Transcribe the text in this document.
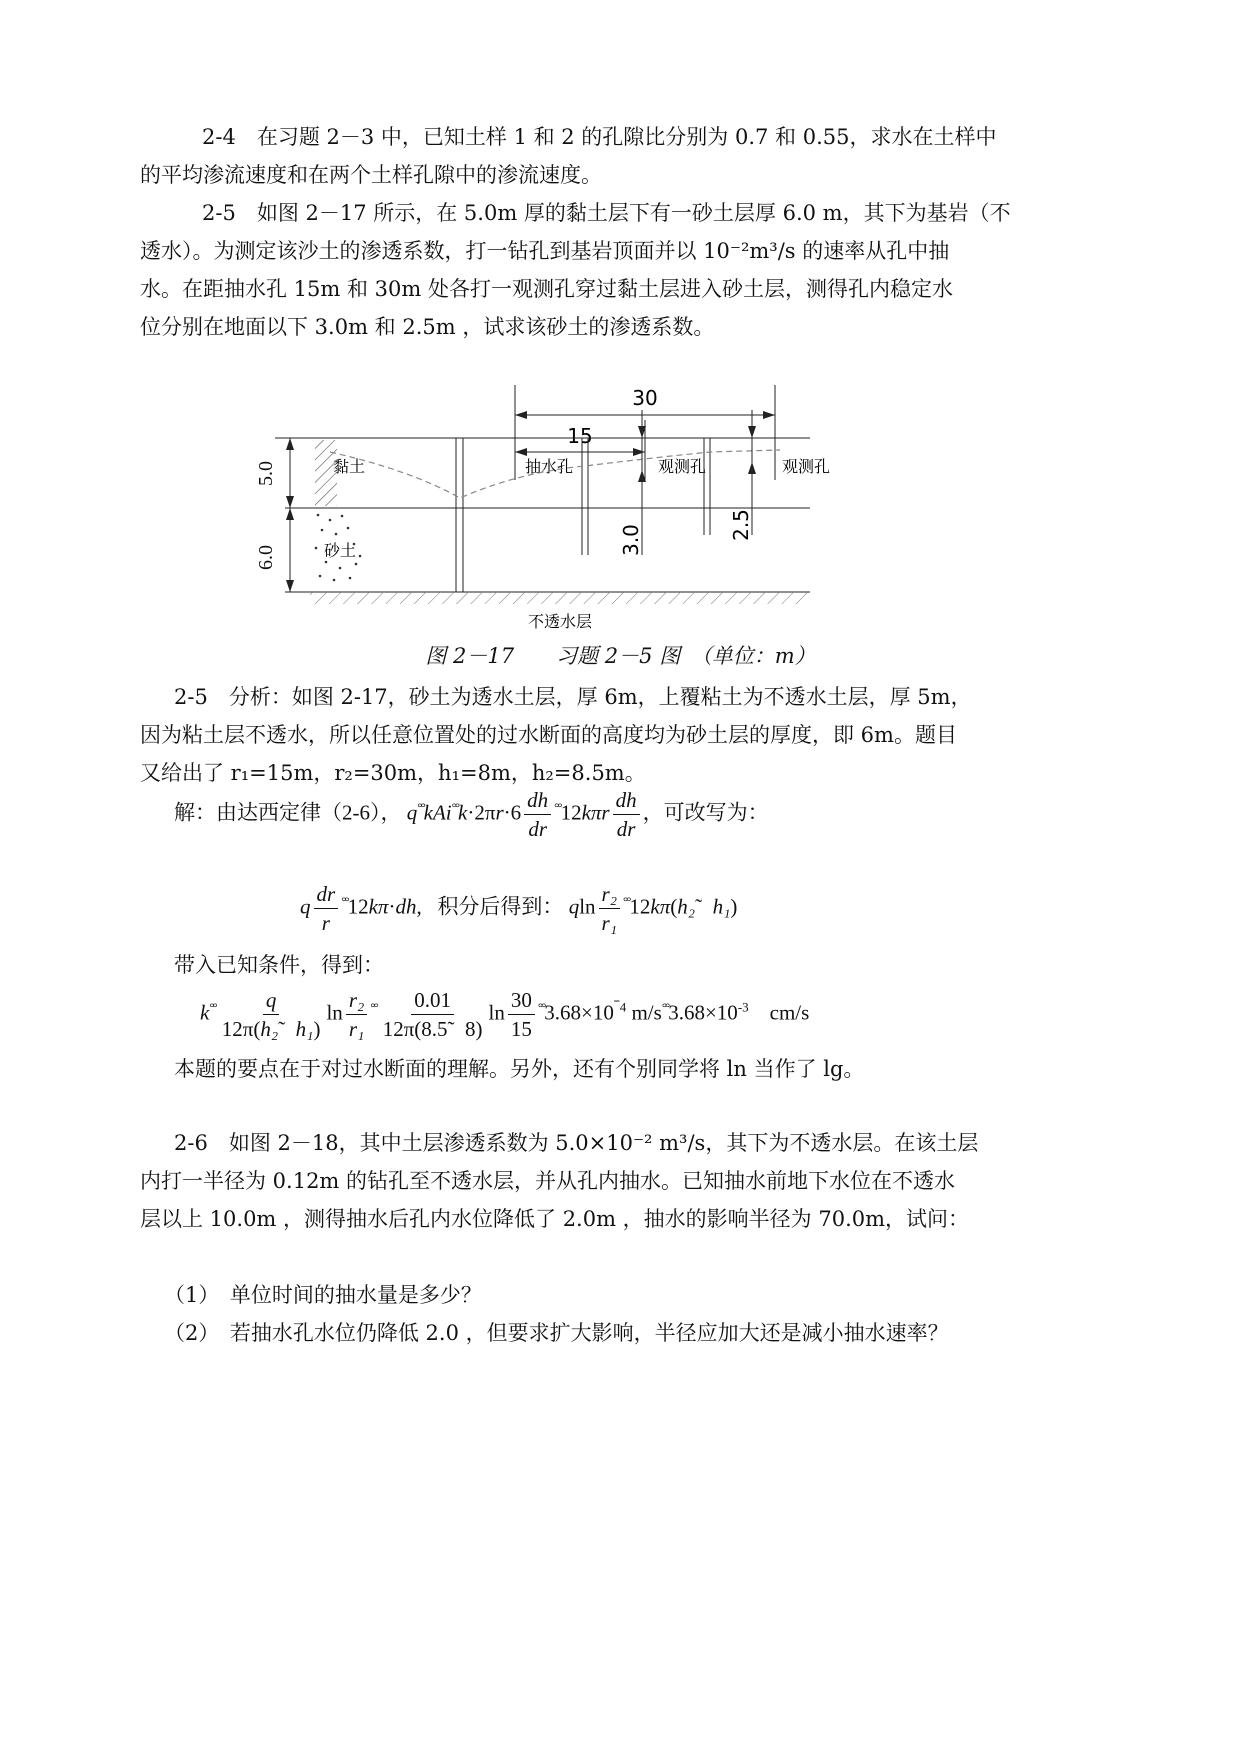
2-4　在习题 2－3 中，已知土样 1 和 2 的孔隙比分别为 0.7 和 0.55，求水在土样中
的平均渗流速度和在两个土样孔隙中的渗流速度。
2-5　如图 2－17 所示，在 5.0m 厚的黏土层下有一砂土层厚 6.0 m，其下为基岩（不
透水）。为测定该沙土的渗透系数，打一钻孔到基岩顶面并以 10⁻²m³/s 的速率从孔中抽
水。在距抽水孔 15m 和 30m 处各打一观测孔穿过黏土层进入砂土层，测得孔内稳定水
位分别在地面以下 3.0m 和 2.5m ，试求该砂土的渗透系数。
30
15
抽水孔	观测孔	观测孔
黏土
砂土
不透水层
3.0	2.5
5.0
6.0
图 2－17　　习题 2－5 图　（单位：m）
2-5　分析：如图 2-17，砂土为透水土层，厚 6m，上覆粘土为不透水土层，厚 5m，
因为粘土层不透水，所以任意位置处的过水断面的高度均为砂土层的厚度，即 6m。题目
又给出了 r₁=15m，r₂=30m，h₁=8m，h₂=8.5m。
解：由达西定律（2-6）， $q^{^\circ^\circ}kAi^{^\circ^\circ}k\cdot 2\pi r\cdot 6 \frac{dh}{dr} ^{^\circ^\circ}12k\pi r \frac{dh}{dr}$ ，可改写为：
q $\frac{dr}{r} ^{^\circ^\circ}12k\pi\cdot dh$,   积分后得到： qln $\frac{\text{r₂}}{\text{r₁}}$ °°12kπ(h₂˜  h₁)
带入已知条件，得到：
$k^{^\circ^\circ} \frac{q}{\text{12π(h₂˜  h₁)}}$ $\ln \frac{\text{r₂}}{\text{r₁}} ^{^\circ^\circ} \frac{0.01}{12\pi(8.5˜ 8)}$ $\ln \frac{30}{15} ^{^\circ^\circ}3.68\times 10^{ˉ4}$ $m/s^{^\circ^\circ}3.68\times 10^{-3}$ cm/s
本题的要点在于对过水断面的理解。另外，还有个别同学将 ln 当作了 lg。
2-6　如图 2－18，其中土层渗透系数为 5.0×10⁻² m³/s，其下为不透水层。在该土层
内打一半径为 0.12m 的钻孔至不透水层，并从孔内抽水。已知抽水前地下水位在不透水
层以上 10.0m ，测得抽水后孔内水位降低了 2.0m ，抽水的影响半径为 70.0m，试问：
（1）　单位时间的抽水量是多少？
（2）　若抽水孔水位仍降低 2.0 ，但要求扩大影响，半径应加大还是减小抽水速率？
